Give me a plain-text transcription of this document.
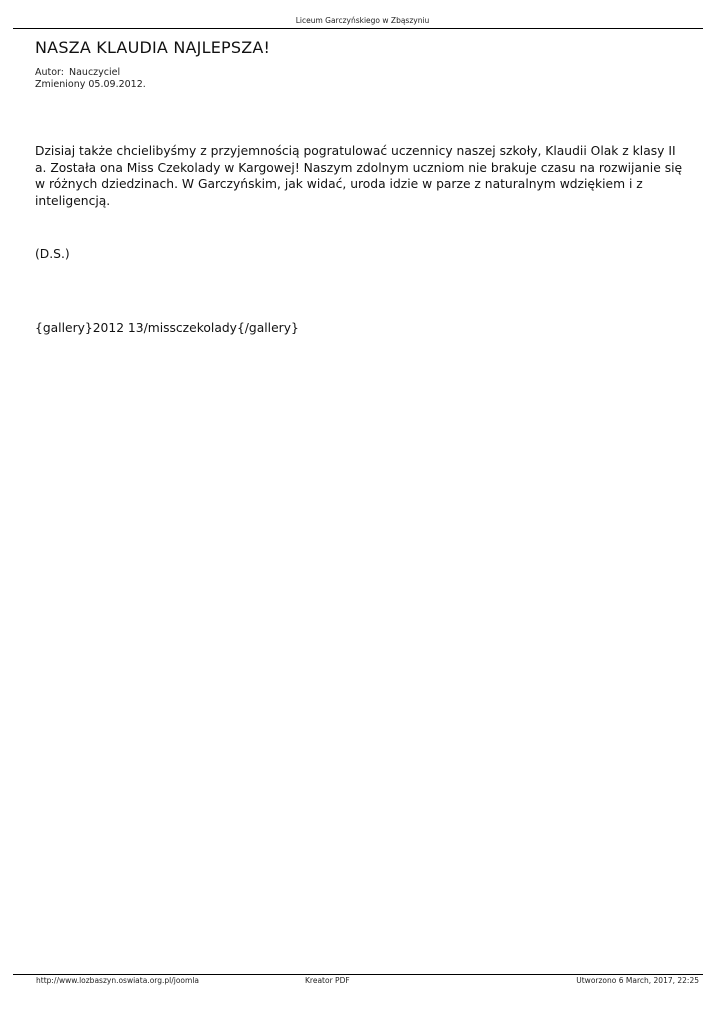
Liceum Garczyńskiego w Zbąszyniu
NASZA KLAUDIA NAJLEPSZA!
Autor: Nauczyciel
Zmieniony 05.09.2012.

Dzisiaj także chcielibyśmy z przyjemnością pogratulować uczennicy naszej szkoły, Klaudii Olak z klasy II a. Została ona Miss Czekolady w Kargowej! Naszym zdolnym uczniom nie brakuje czasu na rozwijanie się w różnych dziedzinach. W Garczyńskim, jak widać, uroda idzie w parze z naturalnym wdziękiem i z inteligencją.

(D.S.)

{gallery}2012 13/missczekolady{/gallery}

http://www.lozbaszyn.oswiata.org.pl/joomla	Kreator PDF	Utworzono 6 March, 2017, 22:25
